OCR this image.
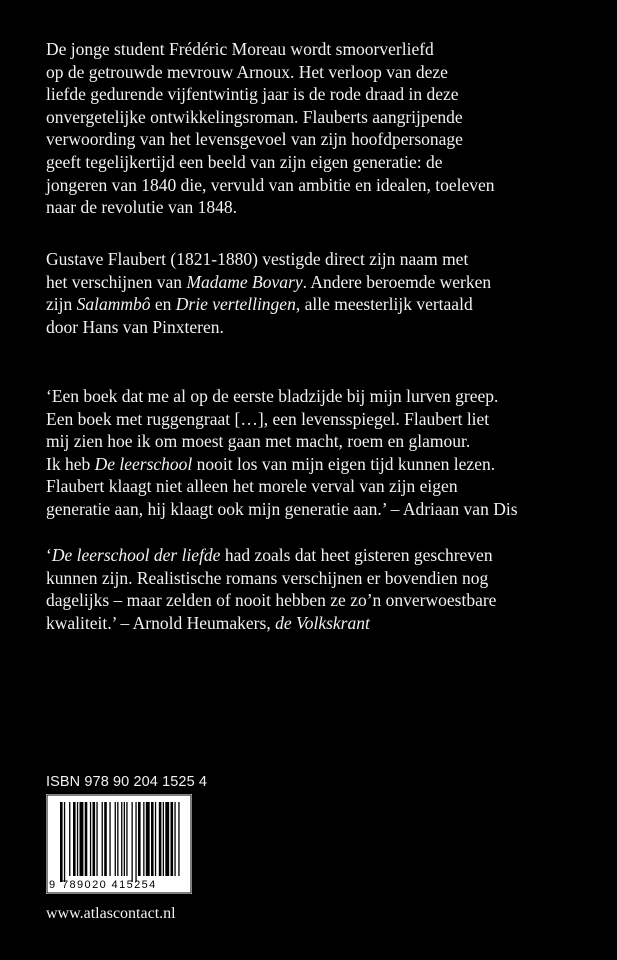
De jonge student Frédéric Moreau wordt smoorverliefd
op de getrouwde mevrouw Arnoux. Het verloop van deze
liefde gedurende vijfentwintig jaar is de rode draad in deze
onvergetelijke ontwikkelingsroman. Flauberts aangrijpende
verwoording van het levensgevoel van zijn hoofdpersonage
geeft tegelijkertijd een beeld van zijn eigen generatie: de
jongeren van 1840 die, vervuld van ambitie en idealen, toeleven
naar de revolutie van 1848.
Gustave Flaubert (1821-1880) vestigde direct zijn naam met
het verschijnen van Madame Bovary. Andere beroemde werken
zijn Salammbô en Drie vertellingen, alle meesterlijk vertaald
door Hans van Pinxteren.
‘Een boek dat me al op de eerste bladzijde bij mijn lurven greep.
Een boek met ruggengraat […], een levensspiegel. Flaubert liet
mij zien hoe ik om moest gaan met macht, roem en glamour.
Ik heb De leerschool nooit los van mijn eigen tijd kunnen lezen.
Flaubert klaagt niet alleen het morele verval van zijn eigen
generatie aan, hij klaagt ook mijn generatie aan.’ – Adriaan van Dis
‘De leerschool der liefde had zoals dat heet gisteren geschreven
kunnen zijn. Realistische romans verschijnen er bovendien nog
dagelijks – maar zelden of nooit hebben ze zo’n onverwoestbare
kwaliteit.’ – Arnold Heumakers, de Volkskrant
ISBN 978 90 204 1525 4
9 789020 415254
www.atlascontact.nl
